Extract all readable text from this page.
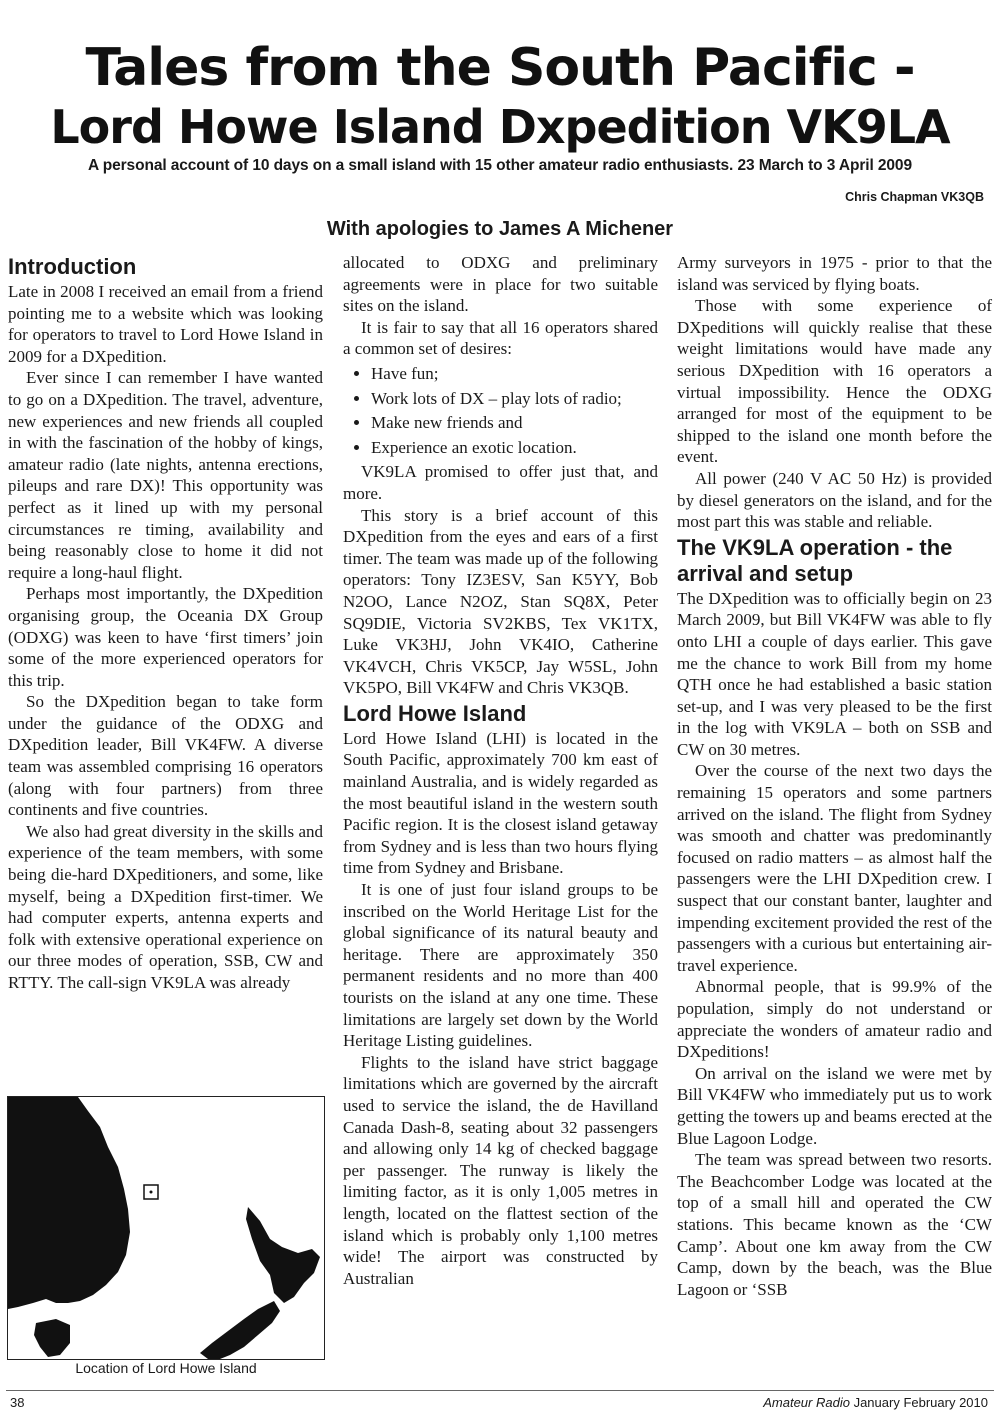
Tales from the South Pacific -
Lord Howe Island Dxpedition VK9LA
A personal account of 10 days on a small island with 15 other amateur radio enthusiasts. 23 March to 3 April 2009
Chris Chapman VK3QB
With apologies to James A Michener
Introduction

Late in 2008 I received an email from a friend pointing me to a website which was looking for operators to travel to Lord Howe Island in 2009 for a DXpedition.

Ever since I can remember I have wanted to go on a DXpedition. The travel, adventure, new experiences and new friends all coupled in with the fascination of the hobby of kings, amateur radio (late nights, antenna erections, pileups and rare DX)! This opportunity was perfect as it lined up with my personal circumstances re timing, availability and being reasonably close to home it did not require a long-haul flight.

Perhaps most importantly, the DXpedition organising group, the Oceania DX Group (ODXG) was keen to have ‘first timers’ join some of the more experienced operators for this trip.

So the DXpedition began to take form under the guidance of the ODXG and DXpedition leader, Bill VK4FW. A diverse team was assembled comprising 16 operators (along with four partners) from three continents and five countries.

We also had great diversity in the skills and experience of the team members, with some being die-hard DXpeditioners, and some, like myself, being a DXpedition first-timer. We had computer experts, antenna experts and folk with extensive operational experience on our three modes of operation, SSB, CW and RTTY. The call-sign VK9LA was already

allocated to ODXG and preliminary agreements were in place for two suitable sites on the island.

It is fair to say that all 16 operators shared a common set of desires:

• Have fun;
• Work lots of DX – play lots of radio;
• Make new friends and
• Experience an exotic location.

VK9LA promised to offer just that, and more.

This story is a brief account of this DXpedition from the eyes and ears of a first timer. The team was made up of the following operators: Tony IZ3ESV, San K5YY, Bob N2OO, Lance N2OZ, Stan SQ8X, Peter SQ9DIE, Victoria SV2KBS, Tex VK1TX, Luke VK3HJ, John VK4IO, Catherine VK4VCH, Chris VK5CP, Jay W5SL, John VK5PO, Bill VK4FW and Chris VK3QB.

Lord Howe Island

Lord Howe Island (LHI) is located in the South Pacific, approximately 700 km east of mainland Australia, and is widely regarded as the most beautiful island in the western south Pacific region. It is the closest island getaway from Sydney and is less than two hours flying time from Sydney and Brisbane.

It is one of just four island groups to be inscribed on the World Heritage List for the global significance of its natural beauty and heritage. There are approximately 350 permanent residents and no more than 400 tourists on the island at any one time. These limitations are largely set down by the World Heritage Listing guidelines.

Flights to the island have strict baggage limitations which are governed by the aircraft used to service the island, the de Havilland Canada Dash-8, seating about 32 passengers and allowing only 14 kg of checked baggage per passenger. The runway is likely the limiting factor, as it is only 1,005 metres in length, located on the flattest section of the island which is probably only 1,100 metres wide! The airport was constructed by Australian

Army surveyors in 1975 - prior to that the island was serviced by flying boats.

Those with some experience of DXpeditions will quickly realise that these weight limitations would have made any serious DXpedition with 16 operators a virtual impossibility. Hence the ODXG arranged for most of the equipment to be shipped to the island one month before the event.

All power (240 V AC 50 Hz) is provided by diesel generators on the island, and for the most part this was stable and reliable.

The VK9LA operation - the arrival and setup

The DXpedition was to officially begin on 23 March 2009, but Bill VK4FW was able to fly onto LHI a couple of days earlier. This gave me the chance to work Bill from my home QTH once he had established a basic station set-up, and I was very pleased to be the first in the log with VK9LA – both on SSB and CW on 30 metres.

Over the course of the next two days the remaining 15 operators and some partners arrived on the island. The flight from Sydney was smooth and chatter was predominantly focused on radio matters – as almost half the passengers were the LHI DXpedition crew. I suspect that our constant banter, laughter and impending excitement provided the rest of the passengers with a curious but entertaining air-travel experience.

Abnormal people, that is 99.9% of the population, simply do not understand or appreciate the wonders of amateur radio and DXpeditions!

On arrival on the island we were met by Bill VK4FW who immediately put us to work getting the towers up and beams erected at the Blue Lagoon Lodge.

The team was spread between two resorts. The Beachcomber Lodge was located at the top of a small hill and operated the CW stations. This became known as the ‘CW Camp’. About one km away from the CW Camp, down by the beach, was the Blue Lagoon or ‘SSB

Location of Lord Howe Island
38	Amateur Radio January February 2010
